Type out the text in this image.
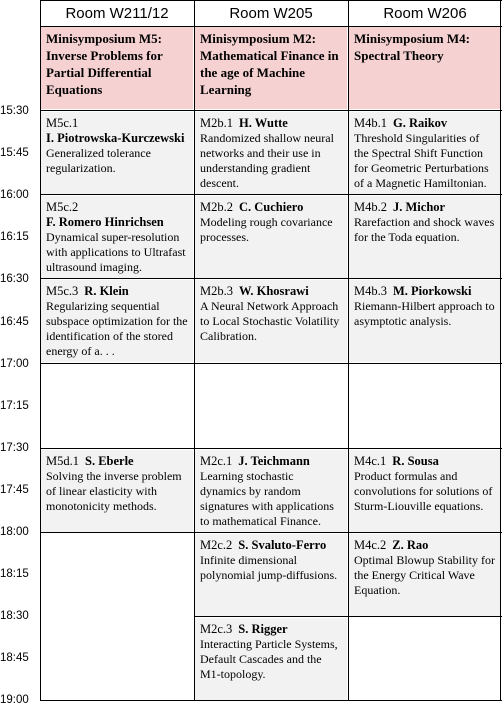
Room W211/12	Room W205	Room W206
Minisymposium M5: Inverse Problems for Partial Differential Equations
Minisymposium M2: Mathematical Finance in the age of Machine Learning
Minisymposium M4: Spectral Theory
M5c.1
I. Piotrowska-Kurczewski
Generalized tolerance regularization.
M5c.2
F. Romero Hinrichsen
Dynamical super-resolution with applications to Ultrafast ultrasound imaging.
M5c.3 R. Klein
Regularizing sequential subspace optimization for the identification of the stored energy of a. . .
M5d.1 S. Eberle
Solving the inverse problem of linear elasticity with monotonicity methods.
M2b.1 H. Wutte
Randomized shallow neural networks and their use in understanding gradient descent.
M2b.2 C. Cuchiero
Modeling rough covariance processes.
M2b.3 W. Khosrawi
A Neural Network Approach to Local Stochastic Volatility Calibration.
M2c.1 J. Teichmann
Learning stochastic dynamics by random signatures with applications to mathematical Finance.
M2c.2 S. Svaluto-Ferro
Infinite dimensional polynomial jump-diffusions.
M2c.3 S. Rigger
Interacting Particle Systems, Default Cascades and the M1-topology.
M4b.1 G. Raikov
Threshold Singularities of the Spectral Shift Function for Geometric Perturbations of a Magnetic Hamiltonian.
M4b.2 J. Michor
Rarefaction and shock waves for the Toda equation.
M4b.3 M. Piorkowski
Riemann-Hilbert approach to asymptotic analysis.
M4c.1 R. Sousa
Product formulas and convolutions for solutions of Sturm-Liouville equations.
M4c.2 Z. Rao
Optimal Blowup Stability for the Energy Critical Wave Equation.
15:30
15:45
16:00
16:15
16:30
16:45
17:00
17:15
17:30
17:45
18:00
18:15
18:30
18:45
19:00
